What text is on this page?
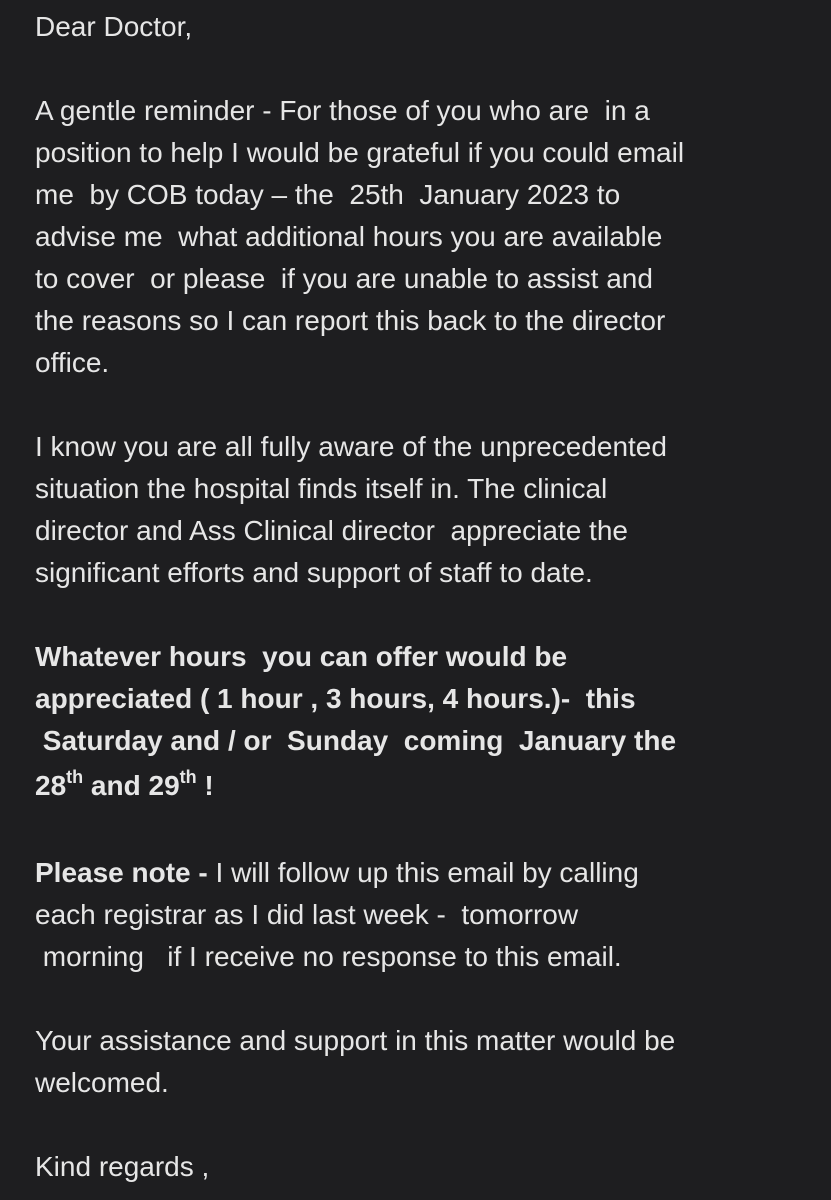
Dear Doctor,
A gentle reminder - For those of you who are  in a
position to help I would be grateful if you could email
me  by COB today – the  25th  January 2023 to
advise me  what additional hours you are available
to cover  or please  if you are unable to assist and
the reasons so I can report this back to the director
office.
I know you are all fully aware of the unprecedented
situation the hospital finds itself in. The clinical
director and Ass Clinical director  appreciate the
significant efforts and support of staff to date.
Whatever hours  you can offer would be
appreciated ( 1 hour , 3 hours, 4 hours.)-  this
Saturday and / or  Sunday  coming  January the
28th and 29th !
Please note - I will follow up this email by calling
each registrar as I did last week -  tomorrow
morning   if I receive no response to this email.
Your assistance and support in this matter would be
welcomed.
Kind regards ,
